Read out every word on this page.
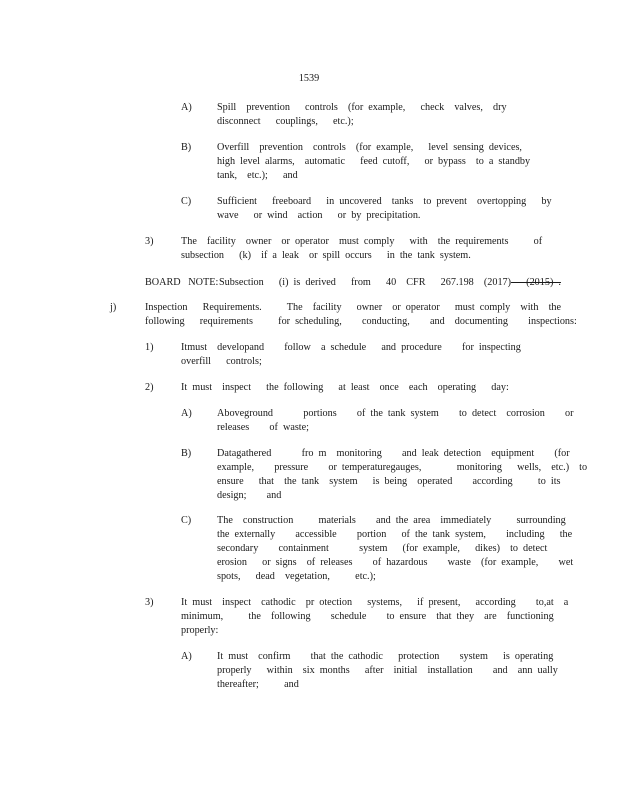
1539
A) Spill  prevention   controls  (for example,   check  valves,  dry
disconnect   couplings,   etc.);
B)	Overfill  prevention  controls  (for example,   level sensing devices,
high level alarms,  automatic   feed cutoff,   or bypass  to a standby
tank,  etc.);   and
C)	Sufficient   freeboard   in uncovered  tanks  to prevent  overtopping   by
wave   or wind  action   or by precipitation.
3)	The  facility  owner  or operator  must comply   with  the requirements     of
subsection   (k)  if a leak  or spill occurs   in the tank system.
BOARD   NOTE: Subsection   (i) is derived   from   40  CFR   267.198  (2017)   (2015) .
j)	Inspection   Requirements.     The  facility   owner  or operator   must comply  with  the
following   requirements     for scheduling,    conducting,    and  documenting    inspections:
1)	Itmust  developand    follow  a schedule   and procedure    for inspecting
overfill   controls;
2)	It must  inspect   the following   at least  once  each  operating   day:
A) Aboveground      portions    of the tank system    to detect  corrosion    or
releases    of waste;
B)	Datagathered      fro m  monitoring    and leak detection  equipment    (for
example,    pressure    or temperaturegauges,       monitoring   wells,  etc.)  to
ensure   that  the tank  system   is being  operated    according     to its
design;    and
C)	The  construction     materials    and the area  immediately     surrounding
the externally    accessible    portion   of the tank system,    including   the
secondary    containment      system   (for example,   dikes)  to detect
erosion   or signs  of releases    of hazardous    waste  (for example,    wet
spots,   dead  vegetation,     etc.);
3)	It must  inspect  cathodic  pr otection   systems,   if present,   according    to,at  a
minimum,     the  following    schedule    to ensure  that they  are  functioning
properly:
A) It must  confirm    that the cathodic   protection    system   is operating
properly   within  six months   after  initial  installation    and  ann ually
thereafter;     and
